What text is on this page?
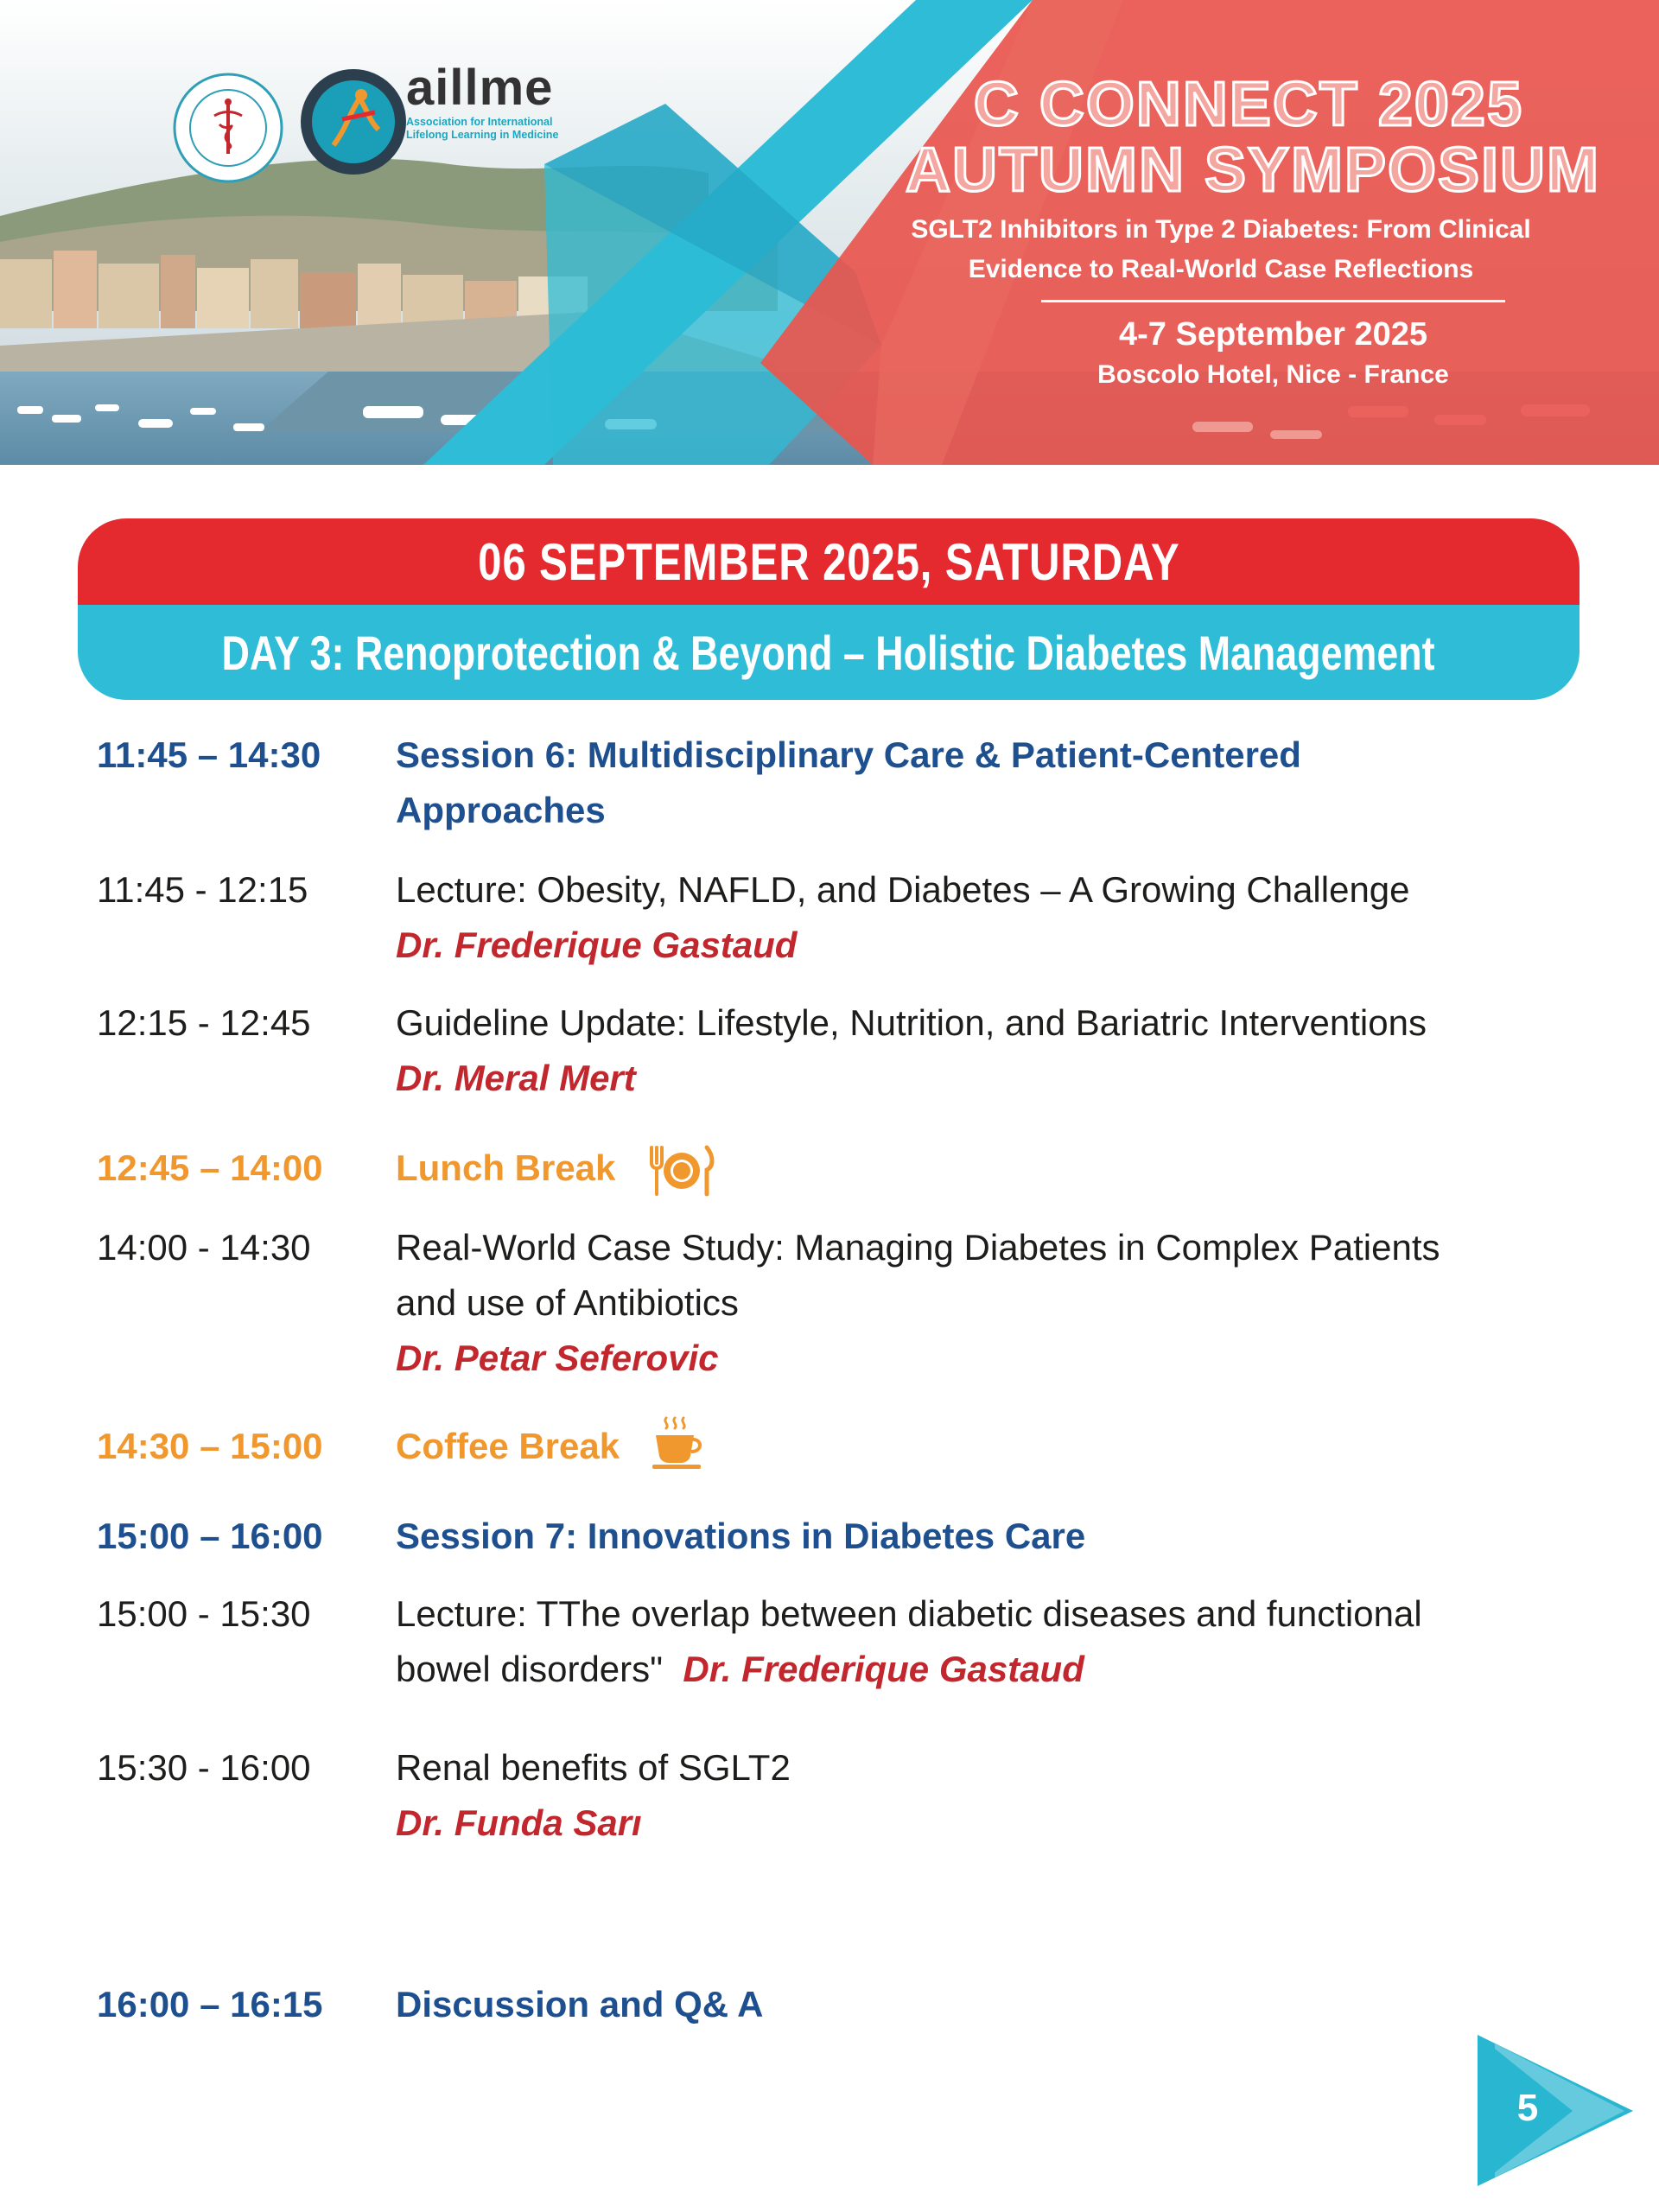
aillme
Association for International
Lifelong Learning in Medicine	C CONNECT 2025
AUTUMN SYMPOSIUM
SGLT2 Inhibitors in Type 2 Diabetes: From Clinical
Evidence to Real-World Case Reflections
4-7 September 2025
Boscolo Hotel, Nice - France
06 SEPTEMBER 2025, SATURDAY
DAY 3: Renoprotection & Beyond – Holistic Diabetes Management
11:45 – 14:30	Session 6: Multidisciplinary Care & Patient-Centered
Approaches
11:45 - 12:15	Lecture: Obesity, NAFLD, and Diabetes – A Growing Challenge
Dr. Frederique Gastaud
12:15 - 12:45	Guideline Update: Lifestyle, Nutrition, and Bariatric Interventions
Dr. Meral Mert
12:45 – 14:00	Lunch Break
14:00 - 14:30	Real-World Case Study: Managing Diabetes in Complex Patients
and use of Antibiotics
Dr. Petar Seferovic
14:30 – 15:00	Coffee Break
15:00 – 16:00	Session 7: Innovations in Diabetes Care
15:00 - 15:30	Lecture: TThe overlap between diabetic diseases and functional
bowel disorders" Dr. Frederique Gastaud
15:30 - 16:00	Renal benefits of SGLT2
Dr. Funda Sarı
16:00 – 16:15	Discussion and Q& A
5
